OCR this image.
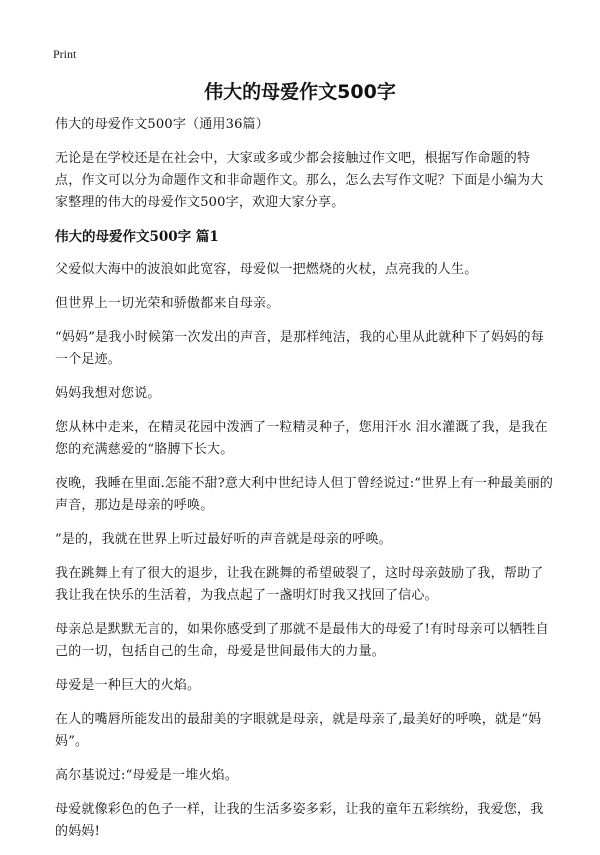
Print
伟大的母爱作文500字

伟大的母爱作文500字（通用36篇）

无论是在学校还是在社会中，大家或多或少都会接触过作文吧，根据写作命题的特点，作文可以分为命题作文和非命题作文。那么，怎么去写作文呢？下面是小编为大家整理的伟大的母爱作文500字，欢迎大家分享。

伟大的母爱作文500字 篇1

父爱似大海中的波浪如此宽容，母爱似一把燃烧的火杖，点亮我的人生。

但世界上一切光荣和骄傲都来自母亲。

“妈妈”是我小时候第一次发出的声音，是那样纯洁，我的心里从此就种下了妈妈的每一个足迹。

妈妈我想对您说。

您从林中走来，在精灵花园中泼洒了一粒精灵种子，您用汗水 泪水灌溉了我，是我在您的充满慈爱的“胳膊下长大。

夜晚，我睡在里面.怎能不甜?意大利中世纪诗人但丁曾经说过:“世界上有一种最美丽的声音，那边是母亲的呼唤。

”是的，我就在世界上听过最好听的声音就是母亲的呼唤。

我在跳舞上有了很大的退步，让我在跳舞的希望破裂了，这时母亲鼓励了我，帮助了我让我在快乐的生活着，为我点起了一盏明灯时我又找回了信心。

母亲总是默默无言的，如果你感受到了那就不是最伟大的母爱了!有时母亲可以牺牲自己的一切，包括自己的生命，母爱是世间最伟大的力量。

母爱是一种巨大的火焰。

在人的嘴唇所能发出的最甜美的字眼就是母亲，就是母亲了,最美好的呼唤，就是“妈妈”。

高尔基说过:“母爱是一堆火焰。

母爱就像彩色的色子一样，让我的生活多姿多彩，让我的童年五彩缤纷，我爱您，我的妈妈!
